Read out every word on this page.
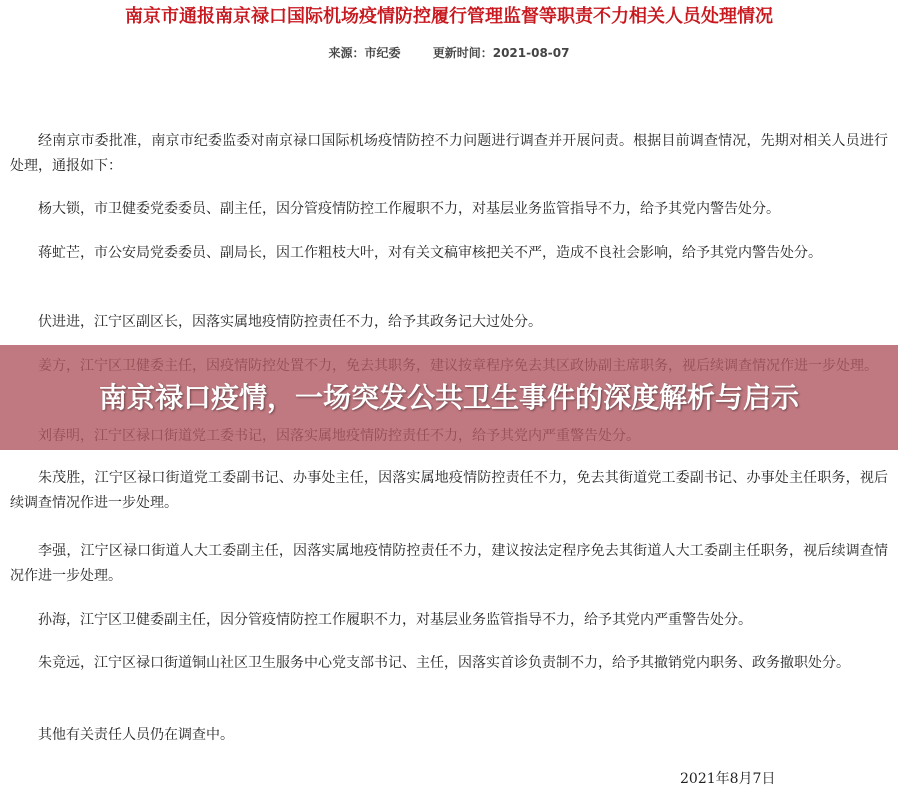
南京市通报南京禄口国际机场疫情防控履行管理监督等职责不力相关人员处理情况
来源：市纪委	更新时间：2021-08-07

经南京市委批准，南京市纪委监委对南京禄口国际机场疫情防控不力问题进行调查并开展问责。根据目前调查情况，先期对相关人员进行处理，通报如下：

杨大锁，市卫健委党委委员、副主任，因分管疫情防控工作履职不力，对基层业务监管指导不力，给予其党内警告处分。

蒋虻芒，市公安局党委委员、副局长，因工作粗枝大叶，对有关文稿审核把关不严，造成不良社会影响，给予其党内警告处分。

伏进进，江宁区副区长，因落实属地疫情防控责任不力，给予其政务记大过处分。

朱茂胜，江宁区禄口街道党工委副书记、办事处主任，因落实属地疫情防控责任不力，免去其街道党工委副书记、办事处主任职务，视后续调查情况作进一步处理。

李强，江宁区禄口街道人大工委副主任，因落实属地疫情防控责任不力，建议按法定程序免去其街道人大工委副主任职务，视后续调查情况作进一步处理。

孙海，江宁区卫健委副主任，因分管疫情防控工作履职不力，对基层业务监管指导不力，给予其党内严重警告处分。

朱竞远，江宁区禄口街道铜山社区卫生服务中心党支部书记、主任，因落实首诊负责制不力，给予其撤销党内职务、政务撤职处分。

其他有关责任人员仍在调查中。

2021年8月7日
南京禄口疫情，一场突发公共卫生事件的深度解析与启示
